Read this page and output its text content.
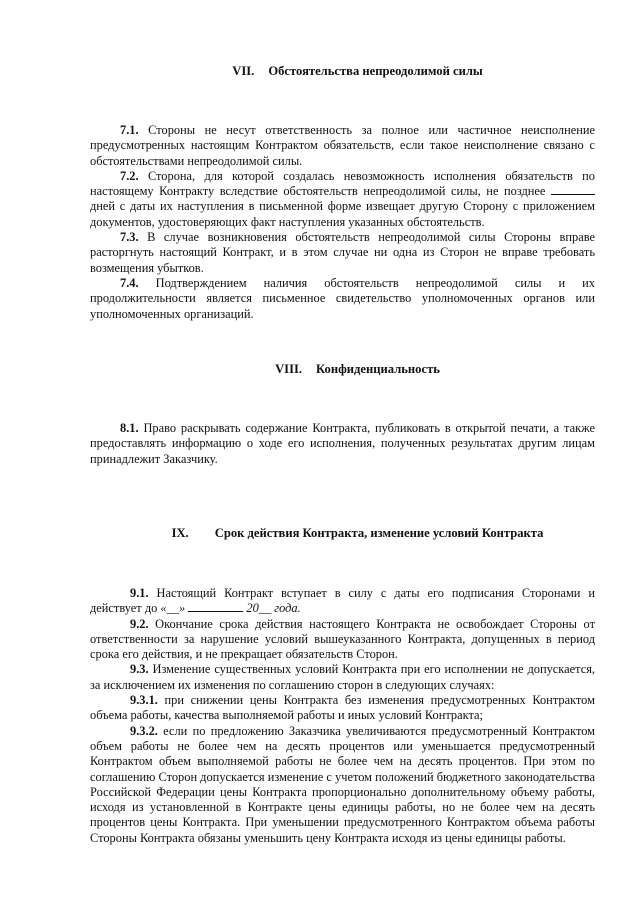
VII. Обстоятельства непреодолимой силы

7.1. Стороны не несут ответственность за полное или частичное неисполнение предусмотренных настоящим Контрактом обязательств, если такое неисполнение связано с обстоятельствами непреодолимой силы.

7.2. Сторона, для которой создалась невозможность исполнения обязательств по настоящему Контракту вследствие обстоятельств непреодолимой силы, не позднее  дней с даты их наступления в письменной форме извещает другую Сторону с приложением документов, удостоверяющих факт наступления указанных обстоятельств.

7.3. В случае возникновения обстоятельств непреодолимой силы Стороны вправе расторгнуть настоящий Контракт, и в этом случае ни одна из Сторон не вправе требовать возмещения убытков.

7.4. Подтверждением наличия обстоятельств непреодолимой силы и их продолжительности является письменное свидетельство уполномоченных органов или уполномоченных организаций.

VIII. Конфиденциальность

8.1. Право раскрывать содержание Контракта, публиковать в открытой печати, а также предоставлять информацию о ходе его исполнения, полученных результатах другим лицам принадлежит Заказчику.

IX. Срок действия Контракта, изменение условий Контракта

9.1. Настоящий Контракт вступает в силу с даты его подписания Сторонами и действует до «__»	20__ года.

9.2. Окончание срока действия настоящего Контракта не освобождает Стороны от ответственности за нарушение условий вышеуказанного Контракта, допущенных в период срока его действия, и не прекращает обязательств Сторон.

9.3. Изменение существенных условий Контракта при его исполнении не допускается, за исключением их изменения по соглашению сторон в следующих случаях:

9.3.1. при снижении цены Контракта без изменения предусмотренных Контрактом объема работы, качества выполняемой работы и иных условий Контракта;

9.3.2. если по предложению Заказчика увеличиваются предусмотренный Контрактом объем работы не более чем на десять процентов или уменьшается предусмотренный Контрактом объем выполняемой работы не более чем на десять процентов. При этом по соглашению Сторон допускается изменение с учетом положений бюджетного законодательства Российской Федерации цены Контракта пропорционально дополнительному объему работы, исходя из установленной в Контракте цены единицы работы, но не более чем на десять процентов цены Контракта. При уменьшении предусмотренного Контрактом объема работы Стороны Контракта обязаны уменьшить цену Контракта исходя из цены единицы работы.
